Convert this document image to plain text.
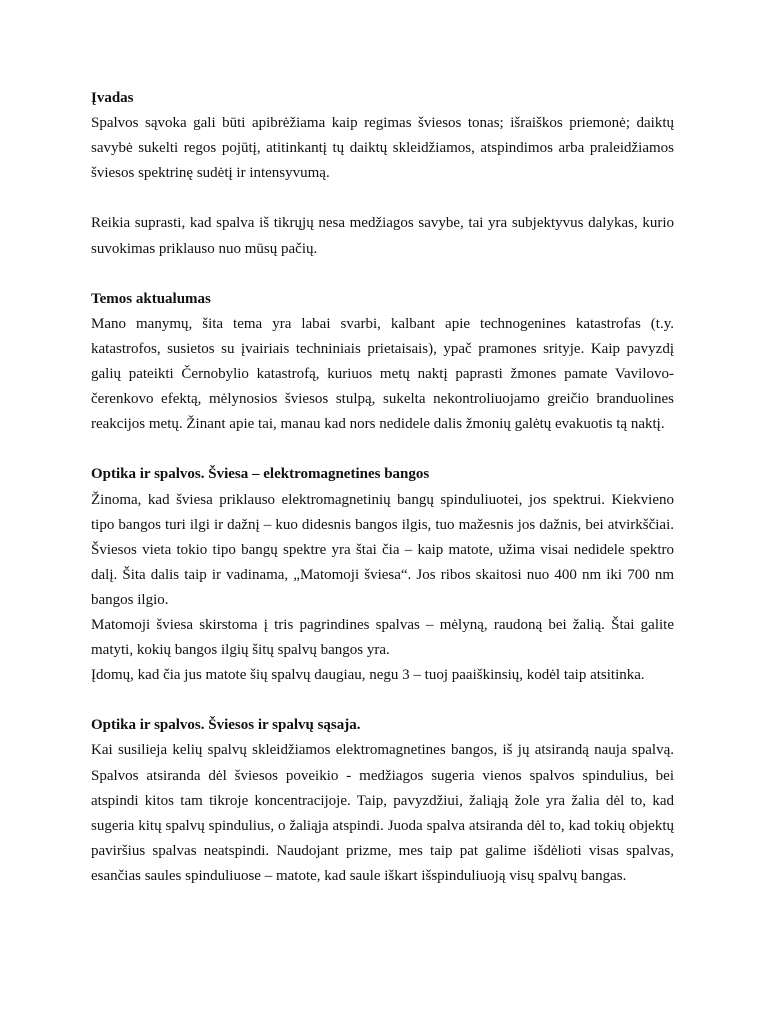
Įvadas

Spalvos sąvoka gali būti apibrėžiama kaip regimas šviesos tonas; išraiškos priemonė; daiktų savybė sukelti regos pojūtį, atitinkantį tų daiktų skleidžiamos, atspindimos arba praleidžiamos šviesos spektrinę sudėtį ir intensyvumą.

Reikia suprasti, kad spalva iš tikrųjų nesa medžiagos savybe, tai yra subjektyvus dalykas, kurio suvokimas priklauso nuo mūsų pačių.

Temos aktualumas

Mano manymų, šita tema yra labai svarbi, kalbant apie technogenines katastrofas (t.y. katastrofos, susietos su įvairiais techniniais prietaisais), ypač pramones srityje. Kaip pavyzdį galių pateikti Černobylio katastrofą, kuriuos metų naktį paprasti žmones pamate Vavilovo-čerenkovo efektą, mėlynosios šviesos stulpą, sukelta nekontroliuojamo greičio branduolines reakcijos metų. Žinant apie tai, manau kad nors nedidele dalis žmonių galėtų evakuotis tą naktį.

Optika ir spalvos. Šviesa – elektromagnetines bangos

Žinoma, kad šviesa priklauso elektromagnetinių bangų spinduliuotei, jos spektrui. Kiekvieno tipo bangos turi ilgi ir dažnį – kuo didesnis bangos ilgis, tuo mažesnis jos dažnis, bei atvirkščiai. Šviesos vieta tokio tipo bangų spektre yra štai čia – kaip matote, užima visai nedidele spektro dalį. Šita dalis taip ir vadinama, „Matomoji šviesa“. Jos ribos skaitosi nuo 400 nm iki 700 nm bangos ilgio.

Matomoji šviesa skirstoma į tris pagrindines spalvas – mėlyną, raudoną bei žalią. Štai galite matyti, kokių bangos ilgių šitų spalvų bangos yra.

Įdomų, kad čia jus matote šių spalvų daugiau, negu 3 – tuoj paaiškinsių, kodėl taip atsitinka.

Optika ir spalvos. Šviesos ir spalvų sąsaja.

Kai susilieja kelių spalvų skleidžiamos elektromagnetines bangos, iš jų atsirandą nauja spalvą. Spalvos atsiranda dėl šviesos poveikio - medžiagos sugeria vienos spalvos spindulius, bei atspindi kitos tam tikroje koncentracijoje. Taip, pavyzdžiui, žaliąją žole yra žalia dėl to, kad sugeria kitų spalvų spindulius, o žaliąja atspindi. Juoda spalva atsiranda dėl to, kad tokių objektų paviršius spalvas neatspindi. Naudojant prizme, mes taip pat galime išdėlioti visas spalvas, esančias saules spinduliuose – matote, kad saule iškart išspinduliuoją visų spalvų bangas.
